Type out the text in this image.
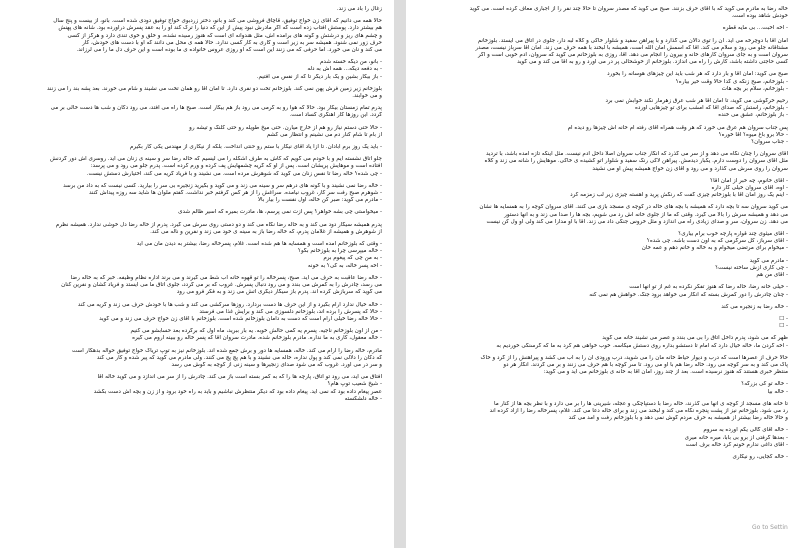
زغال را باد می زند.
حالا همه می دانیم که آقای زن خواج توفیق، قاچاق فروشی می کند و بانو، دختر زردبوی خواج توفیق دودی شده است. بانو، از بیست و پنج سال
هم بیشتر دارد. پوستش آفتاب زده است که اگر مادرش نبود پیش از این که دنیا را ترک کند او را به عقد پسرش درآورده بود. شانه های پهنش
و چشم های ریز و درشتش و گونه های برآمده اش، مثل هندوانه ای است که هنوز رسیده نشده، و خلق و خوی تندی دارد و هرگز از کسی
حرف زور نمی شنود. همیشه سر به زیر است و کاری به کار کسی ندارد. حالا همه ی محل می دانند که او با دست های خودش، کار
می کند و نان می خورد. اما حرفی که می زنند این است که او روزی عروس خانواده ی ما بوده است و این حرف دل ما را می لرزاند.
- بانو، من دیگه خسته شدم
- به دفعه دیگه... همه اش به دله
- باز بیکار بشین و یک بار دیگر تا که از نفس می افتیم.
بلوزخانم زیر زمین فرش پهن نمی کند. بلوزخانم تخت دو نفری دارد. تا امان آقا رو همان تخت می نشیند و شام می خورند. بعد پشه بند را می زنند
و می خوابند.
پدرم تمام زمستان بیکار بود. حالا که هوا رو به گرمی می رود باز هم بیکار است. صبح ها راه می افتد، می رود دکان و شب ها دست خالی بر می
گردد. این روزها کار آهنگری کساد است.
- حالا حتی دستم نیاز رو هم از خارج میارن. حتی میخ طویله رو حتی کلنگ و تیشه رو
از بام تا شام کنار دم می نشینم و انتظار می کشم
- باید یک روز برم آبادان. تا ازا یاد آقای نیکار با ستم رو حنتی انداخت. بلکه از نیکاری از مهندس یکی کار بگیرم
جلو اتاق نشسته ایم و با خودم می گویم که کاش به طرف اشکله را می لیسیم که خاله رضا سر و سینه ی زنان می آید. روسری اش دور گردنش
افتاده است و موهایش پریشان است. پس از او که گریه چشمهایش پف کرده و ورم کرده است. پدرم جلو می رود و می پرسد:
- چی شده؟ خاله رضا تا نفس زنان می گوید که شوهرش مرده است. می نشیند و با فریاد گریه می کند، اختیارش دستش نیست.
- خاله رضا نمی نشیند و با گونه های درهم سر و سینه می زند و می گوید و بگیرید زنجیره بی سر را بیارید. کسی نیست که به داد من برسد
- شوهرم صبح رفت سر کار، غروب نیامده. سراغش را از هر کس گرفتم خبر نداشت. گفتم ملوان ها شاید سه روزه پیداش کنند
- مادرم می گوید: صبر کن خاله، اول نفست را بیار بالا
- میخواستی چی بشه خواهر؟ پس ازت نمی پرسم، ها، مادرت بمیره که اسیر ظالم شدی
پدرم همیشه سیگار دود می کند و به خاله رضا نگاه می کند و دو دستی روی سرش می گیرد. پدرم از خاله رضا دل خوشی ندارد. همیشه نظرم
از شوهرش و همیشه از غلامان پدرم، که خاله رضا باز به سینه ی خود می زند و نفرین و ناله می کند.
- وقتی که بلوزخانم آمده است و همسایه ها هم شده است. غلام، پسرخاله رضا، بیشتر به دیدن مان می آید
- خاله میپرسی چرا به بلوزخانم بگو؟
- به من چی که پیغوم برم
- آخه پسر خاله، به کی؟ به خونه
- خاله رضا عاقبت به حرف می آید. صبح، پسرخاله را تو قهوه خانه اب شط می گیرند و می برند اداره نظام وظیفه. خبر که به خاله رضا
می رسد، چادرش را به کمرش می بندد و می رود دنبال پسرش. غروب که بر می گردد، جلوی اتاق ما می ایستد و فریاد کشان و نفرین کنان
می گوید که سربازش کرده اند. پدرم باز سیگار دیگری آتش می زند و به فکر فرو می رود
- خاله خیال ندارد آرام بگیرد و از این حرف ها دست بردارد. روزها سرکشی می کند و شب ها با خودش حرف می زند و گریه می کند
- حالا که پسرش را برده اند، بلوزخانم دلسوزی می کند و برایش غذا می فرستد
- حالا خاله رضا خیلی آرام است که دست به دامان بلوزخانم شده است. بلوزخانم با آقای زن خواج حرف می زند و می گوید
- من از اون بلوزخانم ناجیه. پسرم یه کمی حالش خوبه. یه بار ببرید، ماه اول که برگرده بعد حسابشو می کنیم
- خاله معقول، کاری به ما نداره. مادرم بلوزخانم شده. مادرت سروان آقا که پسر خاله رو ببینه آروم می گیره
مادرم، خاله رضا را آرام می کند. خاله، همسایه ها دور و برش جمع شده اند. بلوزخانم نیز به توپ تریاک خواج توفیق حواله بدهکار است
که دکان را دلالی نمی کند و پول نداره، خاله می نشیند و با هم پچ پچ می کنند. ولی مادرم می گوید که پیر شده و کار می کند
و سر در می آورد. غروب که می شود صدای زنجیرها و سینه زنی از کوچه به گوش می رسد
آفتاق می آید، می رود تو اتاق، پارچه ها را که به کمر بسته است باز می کند. چادرش را از سر می اندازد و می گوید خاله آقا
- شیخ شعیب توپ هام؟
عصر پیغام داده بود که نمی آید. پیغام داده بود که دیگر منتظرش نباشیم و باید به راه خود برود و از زن و بچه اش دست بکشد
- خاله دلشکسته
خاله رضا به مادرم می گوید که با آقای حرف بزنند. صبح می گوید که مصدر سروان تا حالا چند نفر را از اجباری معاف کرده است. می گوید
خودش شاهد بوده است.
- آخه اخبت... بی مایه قطره
امان آقا با دوچرخه می آید. آن را توی دالان می گذارد و با پیراهن سفید و شلوار خاکی و کلاه لبه دار، جلوی در اتاق می ایستد. بلوزخانم
مشتاقانه جلو می رود و سلام می کند. آقا که اسمش امان الله است، همیشه با لبخند با همه حرف می زند. امان آقا سرباز نیست، مصدر
سروان است و به جای سروان کارهای خانه و بیرون را انجام می دهد. آقا، روزی به بلوزخانم می گوید که سروان، آدم خوبی است و اگر
کسی حاجتی داشته باشد، کارش را راه می اندازد. بلوزخانم از خوشحالی پر در می آورد و رو به آقا می کند و می گوید
صبح می گوید: امان آقا و بار دارد که هر شب باید این چیزهای هوسانه را بخورد
- بلوزخانم، صبح زنکه ی گدا حالا وقت خیر بیاره؟
- بلوزخانم، سلام بر بچه هات
رحیم خرگوشی می گوید، تا امان آقا هر شب عرق زهرمار نکند خوابش نمی برد
- بلوزخانم، راستش که صدای آقا که امشب برای تو چیزهایی آورده
- باز بلوزخانم، عشق می خنده
پس جناب سروان هم عرق می خورد که هر وقت همراه آقای رفته ام خانه اش چیزها رو دیده ام
- حالا برو باغ میوه؟ آقا خوره؟
- جناب سروان؟
آقای سروان را چنان نگاه می دهد و از سر می گذرد که انگار جناب سروان اصلا داخل آدم نیست. مثل اینکه تازه آمده باشد، با تردید
مثل آقای سروان را دوست دارم. یکبار دیدمش. پیراهن لاکی رنگ سفید و شلوار اتو کشیده ی خاکی. موهایش را شانه می زند و کلاه
سروان را روی سرش می گذارد و می رود و آقای زن خواج همیشه پیش او می نشیند
- آقای خانوم، چه خبر از امان آقا؟
- اوه، آقای سروان خیلی کار داره
- اینم یک روز امان آقا با بلوزخانم چیزی گفت که رنگش پرید و آهسته چیزی زیر لب زمزمه کرد
می گوید سروان سه تا بچه دارد که همیشه با بچه های خاله در کوچه ی مسجد بازی می کنند. آقای سروان کوچه را به همسایه ها نشان
می دهد و همیشه سرش را بالا می گیرد. وقتی که ما از جلوی خانه اش رد می شویم، بچه ها را صدا می زند و به آنها دستور
می دهد. زن سروان، سر و صدای زیادی راه می اندازد و مثل خروس جنگی داد می زند. آقا با او مدارا می کند ولی او ول کن نیست
- آقای میثوی چند قواره پارچه خوب برام بیاری؟
- آقای سرباز، کل سرگرمی که به اون دست باشه. چی شده؟
- میخوام برای مرتضی میخوام و به خاله و خانم دهم و عمه خان
- مادرم می گوید
- چی کاری ازش ساخته نیست؟
- آقای من هم
- خیلی خانه رضا، خاله رضا که هنوز تفکر نکرده به غم از تو آنها است
- چنان چادرش را دور کمرش بسته که انگار می خواهد برود جنگ. خواهش هم نمی کنه
- خاله رضا به زنجیره می کند
- ☐
- ☐
ظهر که می شود، پدرم داخل اتاق را بی می بندد و عصر می نشیند خانه می گوید
- آخه گردن ما، خاله خیال دارد که امام تا دستشو بداره روی دستش میکاسه. خوب خواهی هم کرد به ما که گرسنگی خوردیم به
حالا حرف از عصرها است که درب و دیوار حیاط خانه مان را می شوید، درب ورودی آن را به آب می کشد و پیراهنش را از گرد و خاک
پاک می کند و به سر کوچه می رود. خاله رضا هم با او می رود. تا سر کوچه با هم حرف می زنند و بر می گردند. انگار هر دو
منتظر خبری هستند که هنوز نرسیده است. بعد از چند روز، امان آقا به خانه ی بلوزخانم می آید و می گوید:
- خاله تو کی بزرگه؟
- خاله بیا
تا خانه های مسجد از کوچه ی آنها می گذرند، خاله رضا با دستپاچگی و عجله، شیرینی ها را بر می دارد و با نظر بچه ها از کنار ما
رد می شود. بلوزخانم نیز از پشت پنجره نگاه می کند و لبخند می زند و برای خاله دعا می کند. غلام، پسرخاله رضا را آزاد کرده اند
و حالا خاله رضا بیشتر از همیشه به حرف مردم گوش نمی دهد و با بلوزخانم رفت و آمد می کند
- خاله آقای گالی یکم آورده به سروم
- بعدها گرفتی از برو بی بابا، میره خانه میری
- آقای داغی ندارم خونم کرد خاله برف است
- خاله کجایی، رو نیکاری
Go to Settin
